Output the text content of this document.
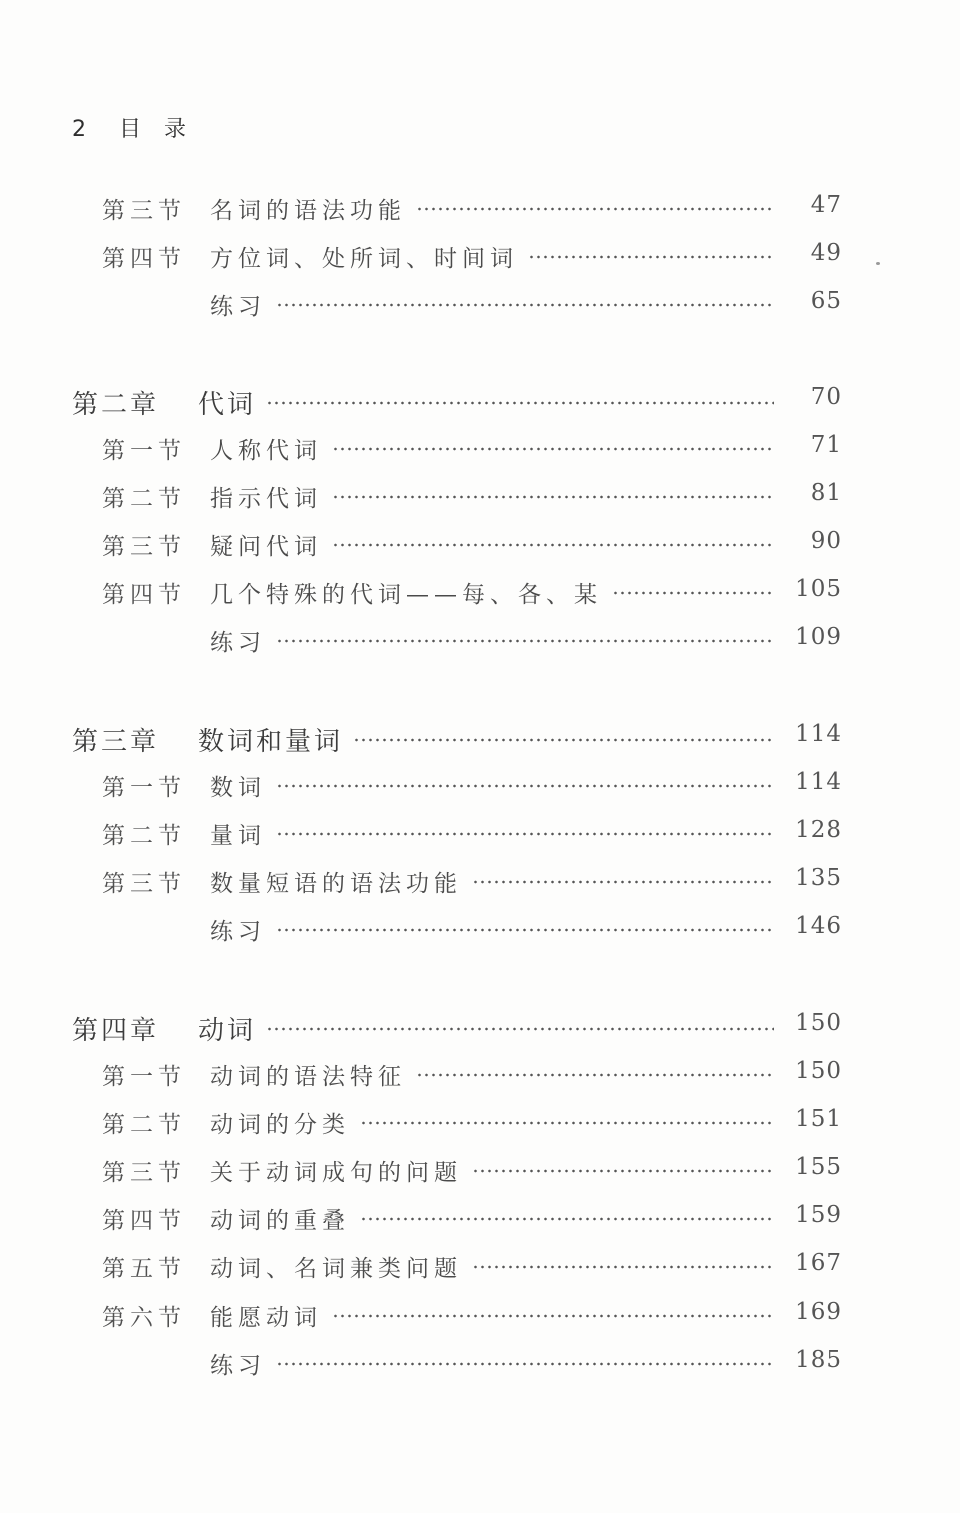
2 目 录
第三节 名词的语法功能	47
第四节 方位词、处所词、时间词	49
练习	65
第二章 代词	70
第一节 人称代词	71
第二节 指示代词	81
第三节 疑问代词	90
第四节 几个特殊的代词——每、各、某	105
练习	109
第三章 数词和量词	114
第一节 数词	114
第二节 量词	128
第三节 数量短语的语法功能	135
练习	146
第四章 动词	150
第一节 动词的语法特征	150
第二节 动词的分类	151
第三节 关于动词成句的问题	155
第四节 动词的重叠	159
第五节 动词、名词兼类问题	167
第六节 能愿动词	169
练习	185
